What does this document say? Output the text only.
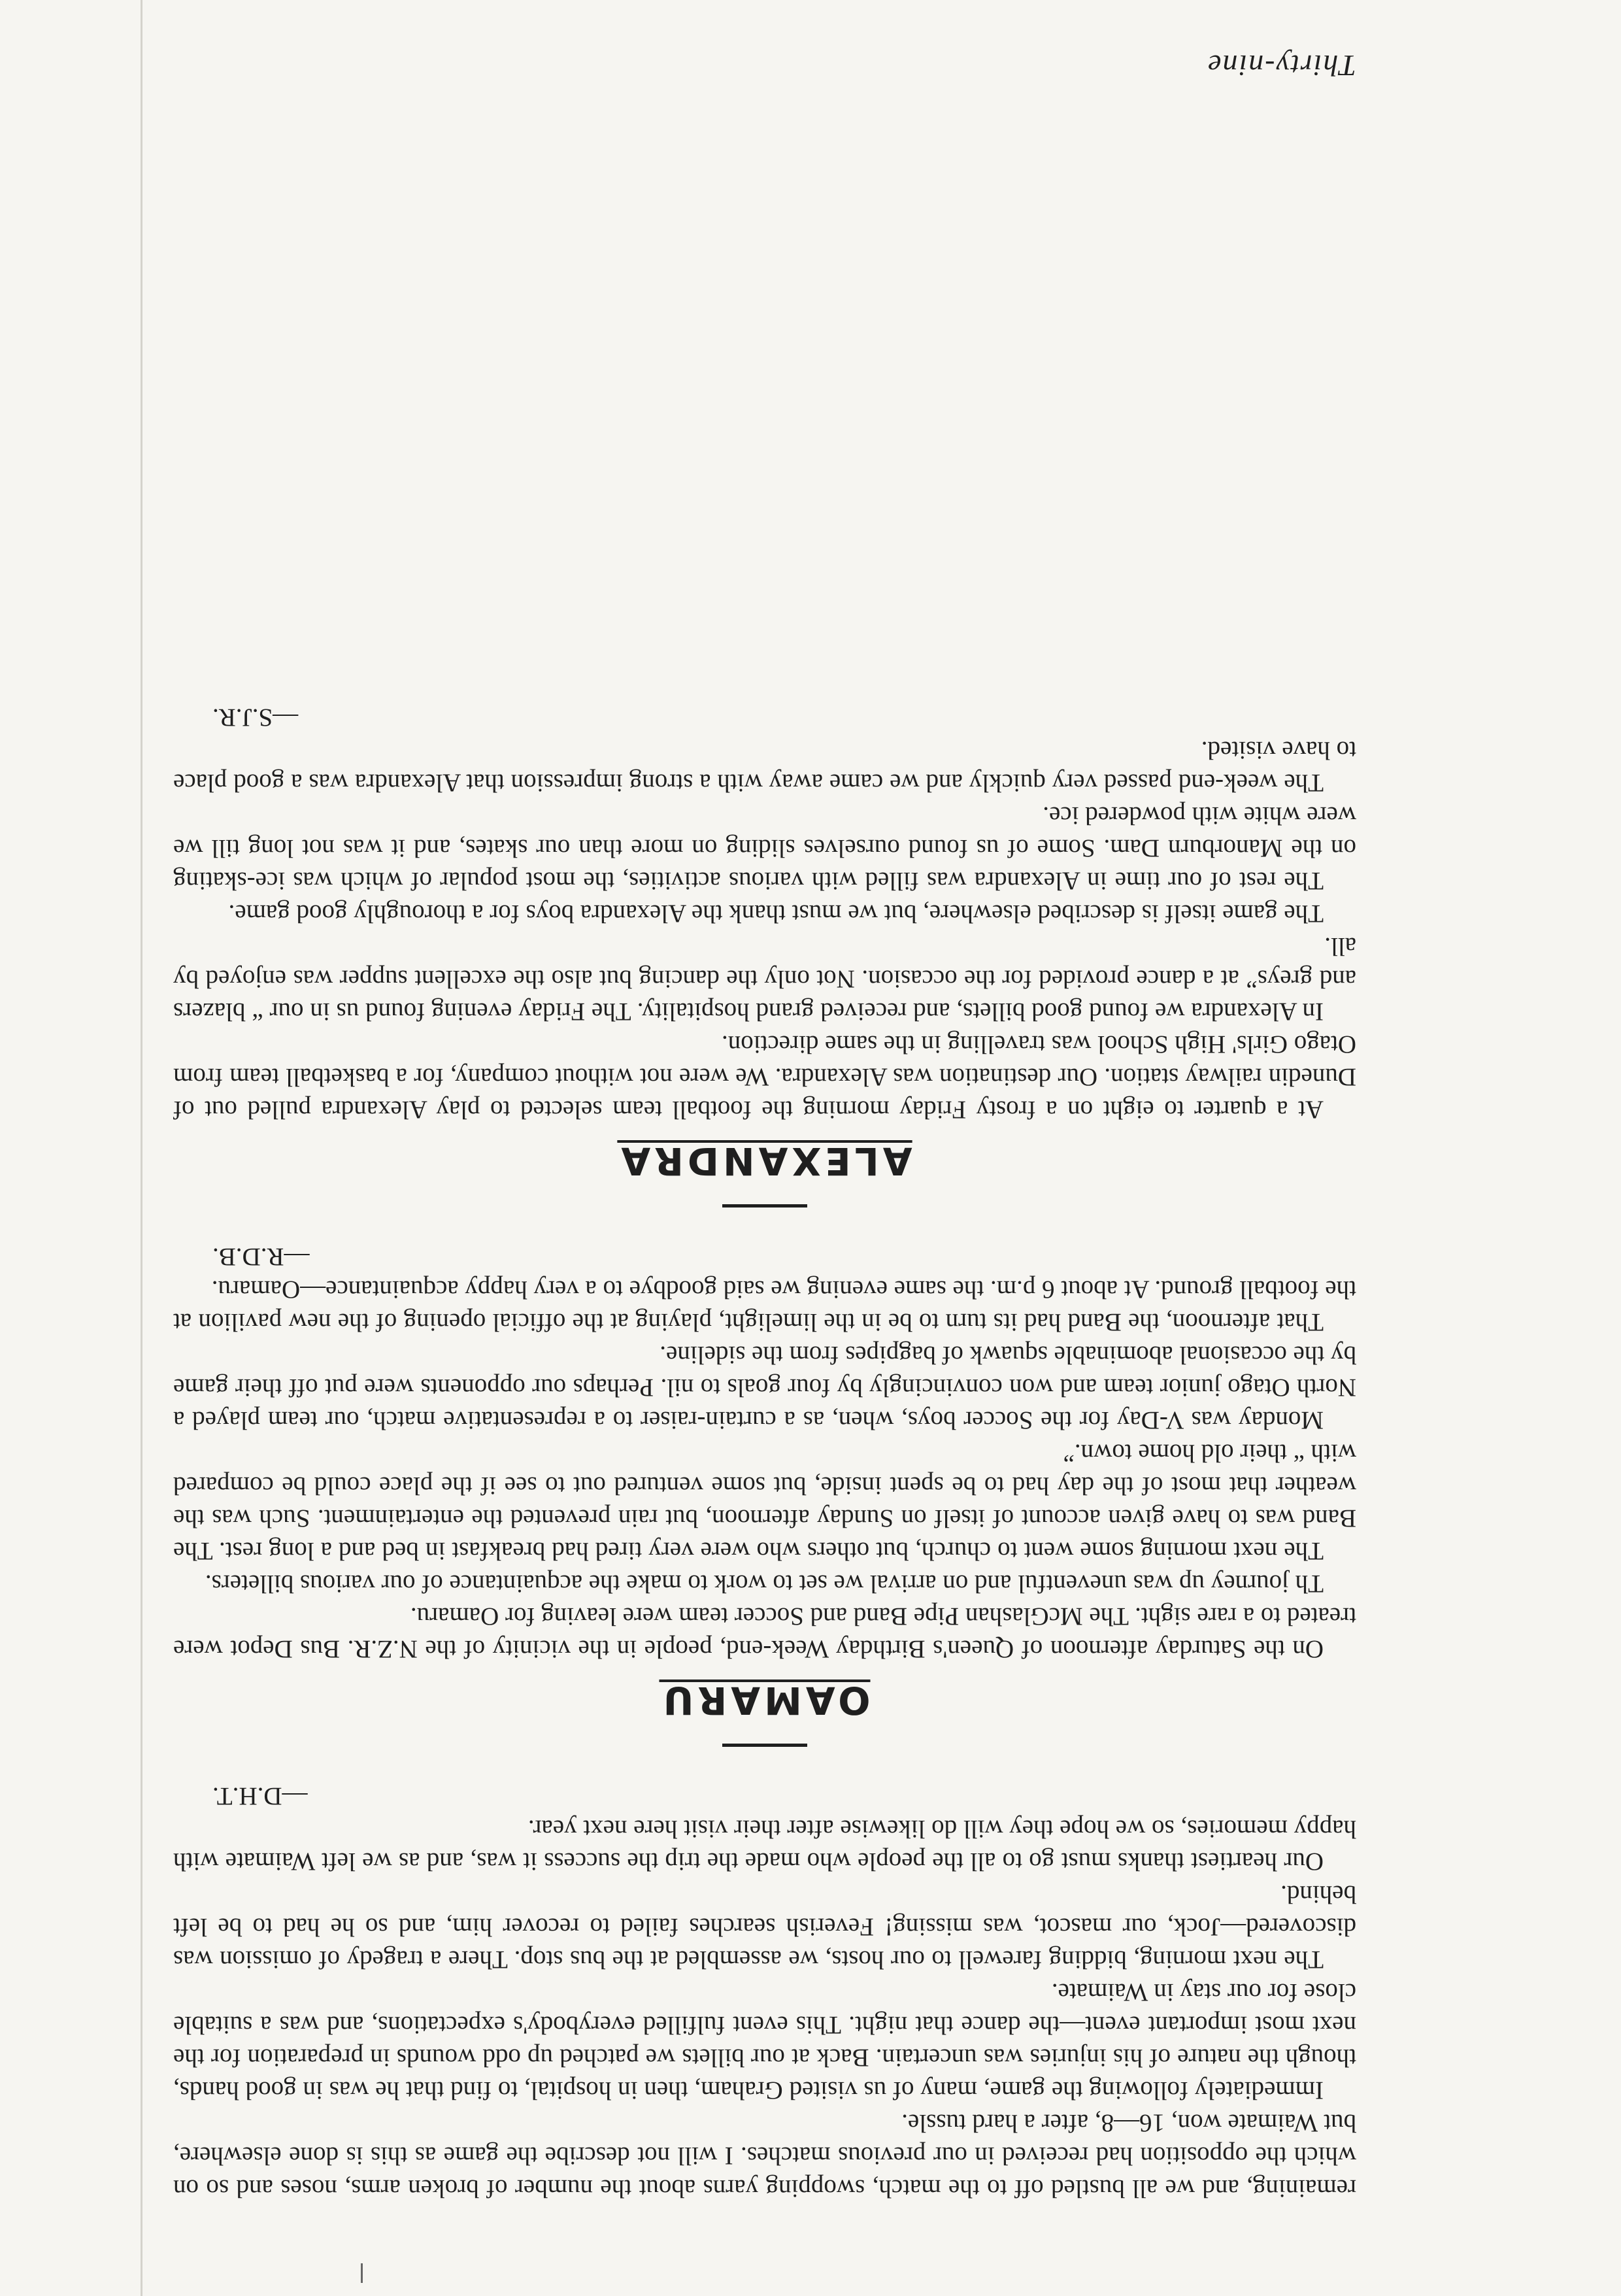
remaining, and we all bustled off to the match, swopping yarns about the number of broken arms, noses and so on which the opposition had received in our previous matches. I will not describe the game as this is done elsewhere, but Waimate won, 16—8, after a hard tussle.

Immediately following the game, many of us visited Graham, then in hospital, to find that he was in good hands, though the nature of his injuries was uncertain. Back at our billets we patched up odd wounds in preparation for the next most important event—the dance that night. This event fulfilled everybody's expectations, and was a suitable close for our stay in Waimate.

The next morning, bidding farewell to our hosts, we assembled at the bus stop. There a tragedy of omission was discovered—Jock, our mascot, was missing! Feverish searches failed to recover him, and so he had to be left behind.

Our heartiest thanks must go to all the people who made the trip the success it was, and as we left Waimate with happy memories, so we hope they will do likewise after their visit here next year.

—D.H.T.

OAMARU

On the Saturday afternoon of Queen's Birthday Week-end, people in the vicinity of the N.Z.R. Bus Depot were treated to a rare sight. The McGlashan Pipe Band and Soccer team were leaving for Oamaru.

Th journey up was uneventful and on arrival we set to work to make the acquaintance of our various billeters.

The next morning some went to church, but others who were very tired had breakfast in bed and a long rest. The Band was to have given account of itself on Sunday afternoon, but rain prevented the entertainment. Such was the weather that most of the day had to be spent inside, but some ventured out to see if the place could be compared with “ their old home town.”

Monday was V-Day for the Soccer boys, when, as a curtain-raiser to a representative match, our team played a North Otago junior team and won convincingly by four goals to nil. Perhaps our opponents were put off their game by the occasional abominable squawk of bagpipes from the sideline.

That afternoon, the Band had its turn to be in the limelight, playing at the official opening of the new pavilion at the football ground. At about 6 p.m. the same evening we said goodbye to a very happy acquaintance—Oamaru.

—R.D.B.

ALEXANDRA

At a quarter to eight on a frosty Friday morning the football team selected to play Alexandra pulled out of Dunedin railway station. Our destination was Alexandra. We were not without company, for a basketball team from Otago Girls' High School was travelling in the same direction.

In Alexandra we found good billets, and received grand hospitality. The Friday evening found us in our “ blazers and greys” at a dance provided for the occasion. Not only the dancing but also the excellent supper was enjoyed by all.

The game itself is described elsewhere, but we must thank the Alexandra boys for a thoroughly good game.

The rest of our time in Alexandra was filled with various activities, the most popular of which was ice-skating on the Manorburn Dam. Some of us found ourselves sliding on more than our skates, and it was not long till we were white with powdered ice.

The week-end passed very quickly and we came away with a strong impression that Alexandra was a good place to have visited.

—S.J.R.

Thirty-nine
